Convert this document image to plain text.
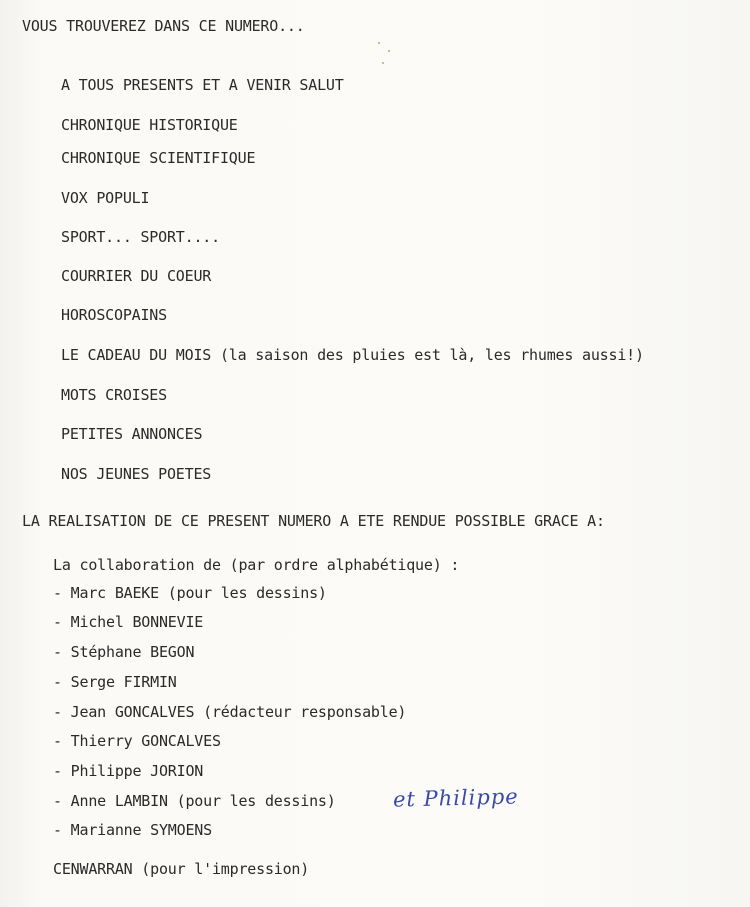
VOUS TROUVEREZ DANS CE NUMERO...
A TOUS PRESENTS ET A VENIR SALUT
CHRONIQUE HISTORIQUE
CHRONIQUE SCIENTIFIQUE
VOX POPULI
SPORT... SPORT....
COURRIER DU COEUR
HOROSCOPAINS
LE CADEAU DU MOIS (la saison des pluies est là, les rhumes aussi!)
MOTS CROISES
PETITES ANNONCES
NOS JEUNES POETES
LA REALISATION DE CE PRESENT NUMERO A ETE RENDUE POSSIBLE GRACE A:
La collaboration de (par ordre alphabétique) :
- Marc BAEKE (pour les dessins)
- Michel BONNEVIE
- Stéphane BEGON
- Serge FIRMIN
- Jean GONCALVES (rédacteur responsable)
- Thierry GONCALVES
- Philippe JORION
- Anne LAMBIN (pour les dessins)	et Philippe
- Marianne SYMOENS
CENWARRAN (pour l'impression)
